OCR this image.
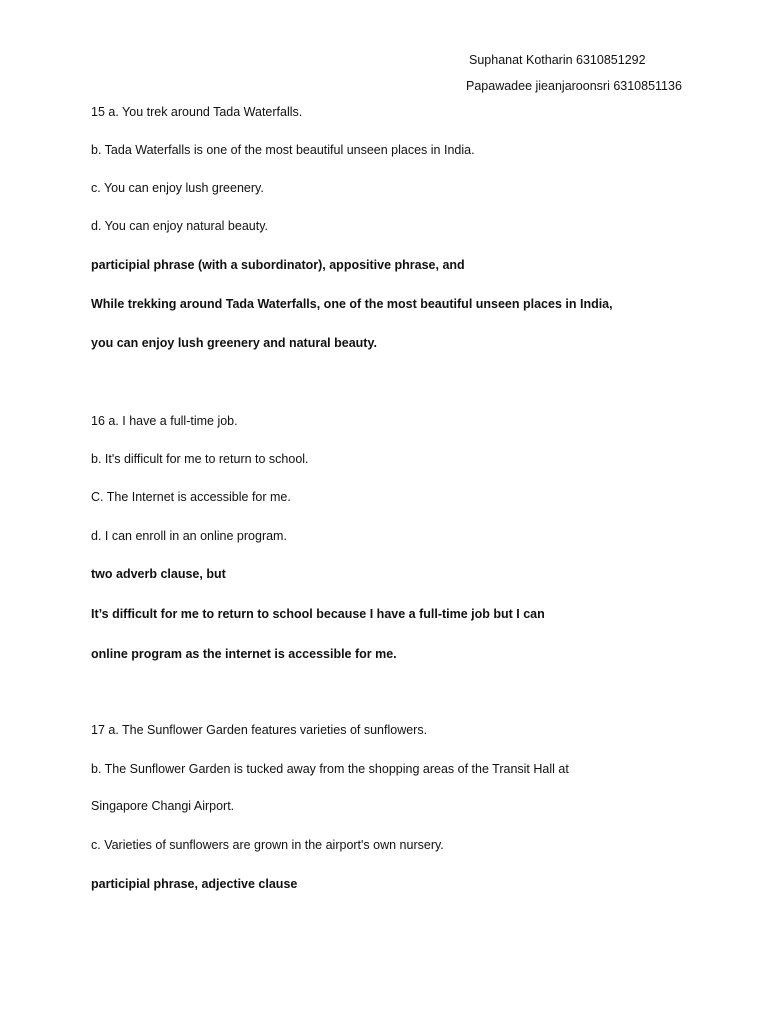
Suphanat Kotharin 6310851292
Papawadee jieanjaroonsri 6310851136
15 a. You trek around Tada Waterfalls.
b. Tada Waterfalls is one of the most beautiful unseen places in India.
c. You can enjoy lush greenery.
d. You can enjoy natural beauty.
participial phrase (with a subordinator), appositive phrase, and
While trekking around Tada Waterfalls, one of the most beautiful unseen places in India,
you can enjoy lush greenery and natural beauty.
16 a. I have a full-time job.
b. It's difficult for me to return to school.
C. The Internet is accessible for me.
d. I can enroll in an online program.
two adverb clause, but
It’s difficult for me to return to school because I have a full-time job but I can
online program as the internet is accessible for me.
17 a. The Sunflower Garden features varieties of sunflowers.
b. The Sunflower Garden is tucked away from the shopping areas of the Transit Hall at
Singapore Changi Airport.
c. Varieties of sunflowers are grown in the airport's own nursery.
participial phrase, adjective clause
